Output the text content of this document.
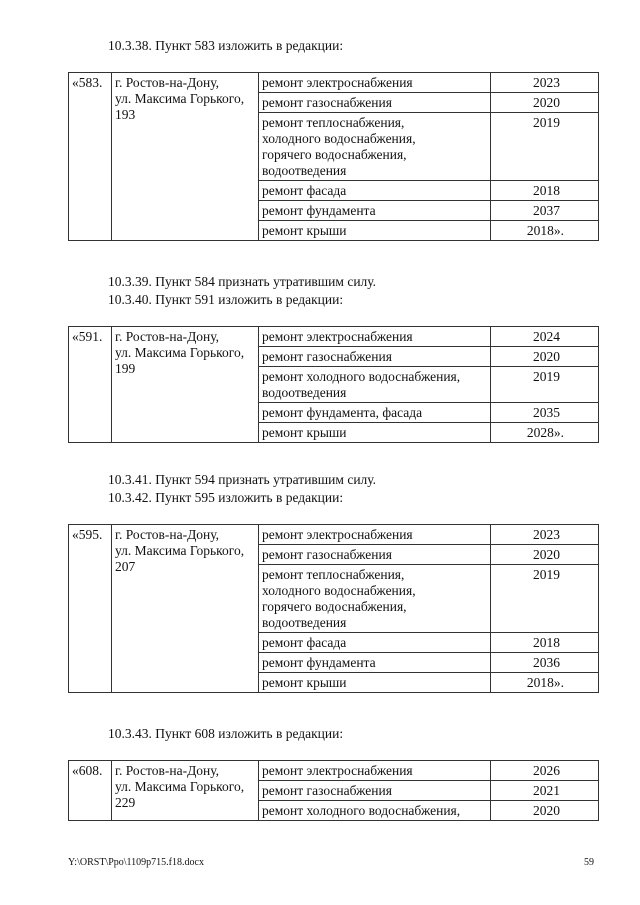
10.3.38. Пункт 583 изложить в редакции:

«583.	г. Ростов-на-Дону,
ул. Максима Горького,
193	ремонт электроснабжения	2023
		ремонт газоснабжения	2020

		ремонт теплоснабжения,
холодного водоснабжения,
горячего водоснабжения,
водоотведения	2019
		ремонт фасада	2018
		ремонт фундамента	2037
		ремонт крыши	2018».

10.3.39. Пункт 584 признать утратившим силу.

10.3.40. Пункт 591 изложить в редакции:

«591.	г. Ростов-на-Дону,
ул. Максима Горького,
199	ремонт электроснабжения	2024
		ремонт газоснабжения	2020

		ремонт холодного водоснабжения,
водоотведения	2019
		ремонт фундамента, фасада	2035
		ремонт крыши	2028».

10.3.41. Пункт 594 признать утратившим силу.

10.3.42. Пункт 595 изложить в редакции:

«595.	г. Ростов-на-Дону,
ул. Максима Горького,
207	ремонт электроснабжения	2023
		ремонт газоснабжения	2020

		ремонт теплоснабжения,
холодного водоснабжения,
горячего водоснабжения,
водоотведения	2019
		ремонт фасада	2018
		ремонт фундамента	2036
		ремонт крыши	2018».

10.3.43. Пункт 608 изложить в редакции:

«608.	г. Ростов-на-Дону,
ул. Максима Горького,
229	ремонт электроснабжения	2026
		ремонт газоснабжения	2021
		ремонт холодного водоснабжения,	2020
Y:\ORST\Ppo\1109p715.f18.docx	59
